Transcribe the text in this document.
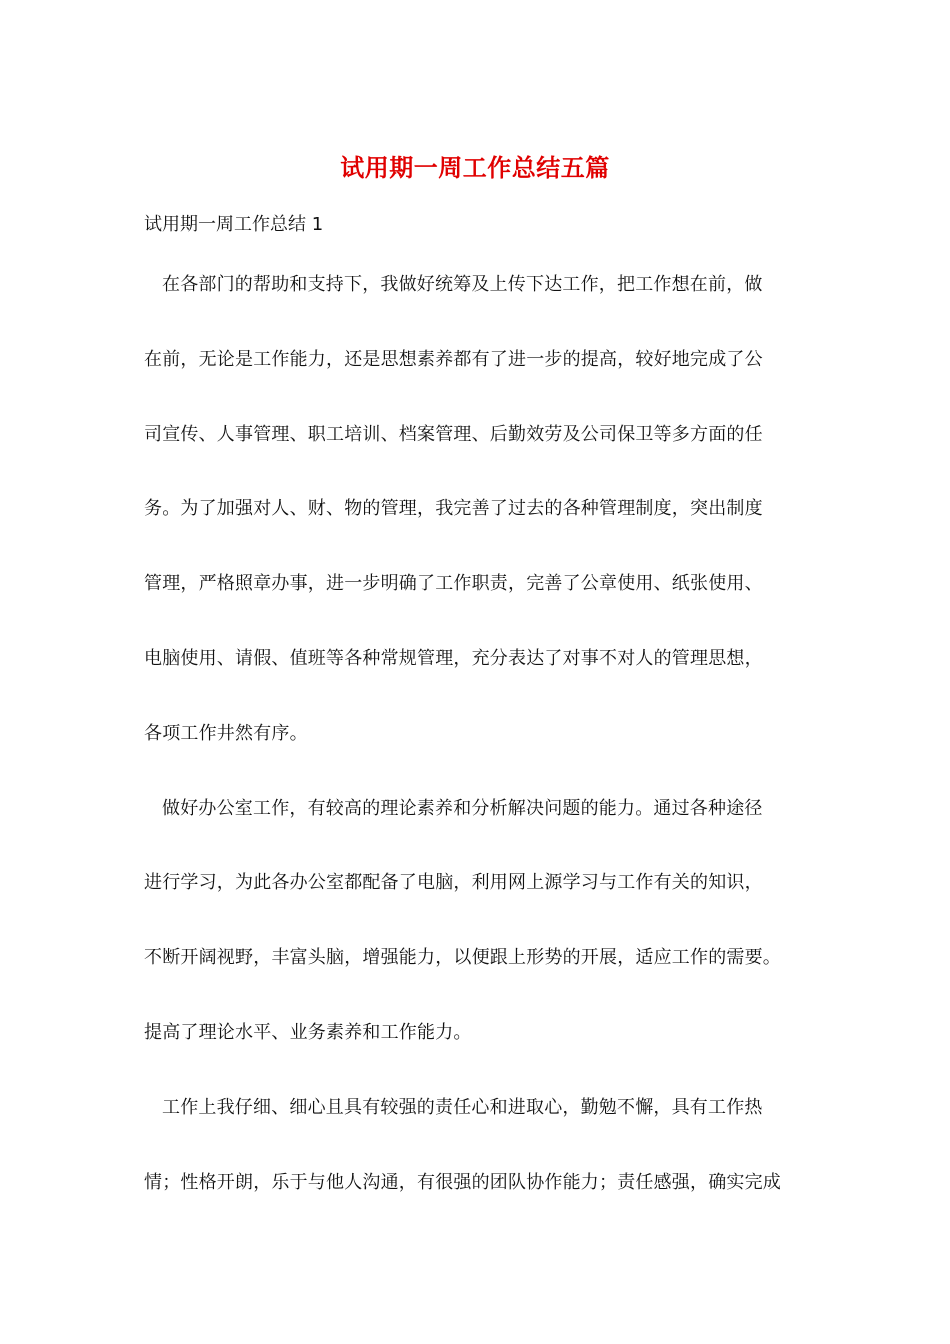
试用期一周工作总结五篇
试用期一周工作总结 1

在各部门的帮助和支持下，我做好统筹及上传下达工作，把工作想在前，做
在前，无论是工作能力，还是思想素养都有了进一步的提高，较好地完成了公
司宣传、人事管理、职工培训、档案管理、后勤效劳及公司保卫等多方面的任
务。为了加强对人、财、物的管理，我完善了过去的各种管理制度，突出制度
管理，严格照章办事，进一步明确了工作职责，完善了公章使用、纸张使用、
电脑使用、请假、值班等各种常规管理，充分表达了对事不对人的管理思想，
各项工作井然有序。

做好办公室工作，有较高的理论素养和分析解决问题的能力。通过各种途径
进行学习，为此各办公室都配备了电脑，利用网上源学习与工作有关的知识，
不断开阔视野，丰富头脑，增强能力，以便跟上形势的开展，适应工作的需要。
提高了理论水平、业务素养和工作能力。

工作上我仔细、细心且具有较强的责任心和进取心，勤勉不懈，具有工作热
情；性格开朗，乐于与他人沟通，有很强的团队协作能力；责任感强，确实完成
